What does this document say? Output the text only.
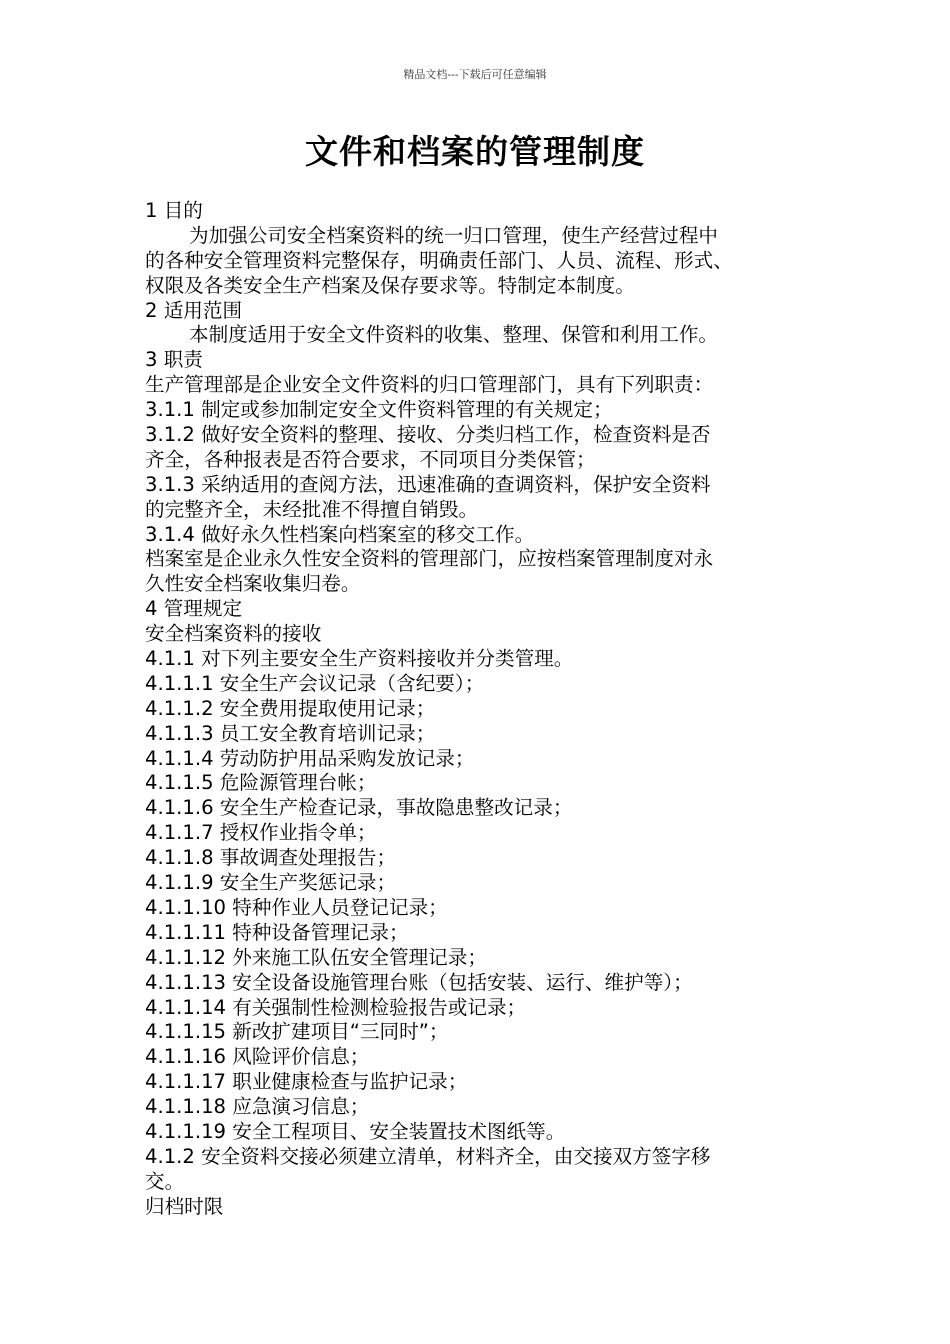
精品文档---下载后可任意编辑
文件和档案的管理制度
1 目的
为加强公司安全档案资料的统一归口管理，使生产经营过程中
的各种安全管理资料完整保存，明确责任部门、人员、流程、形式、
权限及各类安全生产档案及保存要求等。特制定本制度。
2 适用范围
本制度适用于安全文件资料的收集、整理、保管和利用工作。
3 职责
生产管理部是企业安全文件资料的归口管理部门，具有下列职责：
3.1.1 制定或参加制定安全文件资料管理的有关规定；
3.1.2 做好安全资料的整理、接收、分类归档工作，检查资料是否
齐全，各种报表是否符合要求，不同项目分类保管；
3.1.3 采纳适用的查阅方法，迅速准确的查调资料，保护安全资料
的完整齐全，未经批准不得擅自销毁。
3.1.4 做好永久性档案向档案室的移交工作。
档案室是企业永久性安全资料的管理部门，应按档案管理制度对永
久性安全档案收集归卷。
4 管理规定
安全档案资料的接收
4.1.1 对下列主要安全生产资料接收并分类管理。
4.1.1.1 安全生产会议记录（含纪要）；
4.1.1.2 安全费用提取使用记录；
4.1.1.3 员工安全教育培训记录；
4.1.1.4 劳动防护用品采购发放记录；
4.1.1.5 危险源管理台帐；
4.1.1.6 安全生产检查记录，事故隐患整改记录；
4.1.1.7 授权作业指令单；
4.1.1.8 事故调查处理报告；
4.1.1.9 安全生产奖惩记录；
4.1.1.10 特种作业人员登记记录；
4.1.1.11 特种设备管理记录；
4.1.1.12 外来施工队伍安全管理记录；
4.1.1.13 安全设备设施管理台账（包括安装、运行、维护等）；
4.1.1.14 有关强制性检测检验报告或记录；
4.1.1.15 新改扩建项目“三同时”；
4.1.1.16 风险评价信息；
4.1.1.17 职业健康检查与监护记录；
4.1.1.18 应急演习信息；
4.1.1.19 安全工程项目、安全装置技术图纸等。
4.1.2 安全资料交接必须建立清单，材料齐全，由交接双方签字移
交。
归档时限
